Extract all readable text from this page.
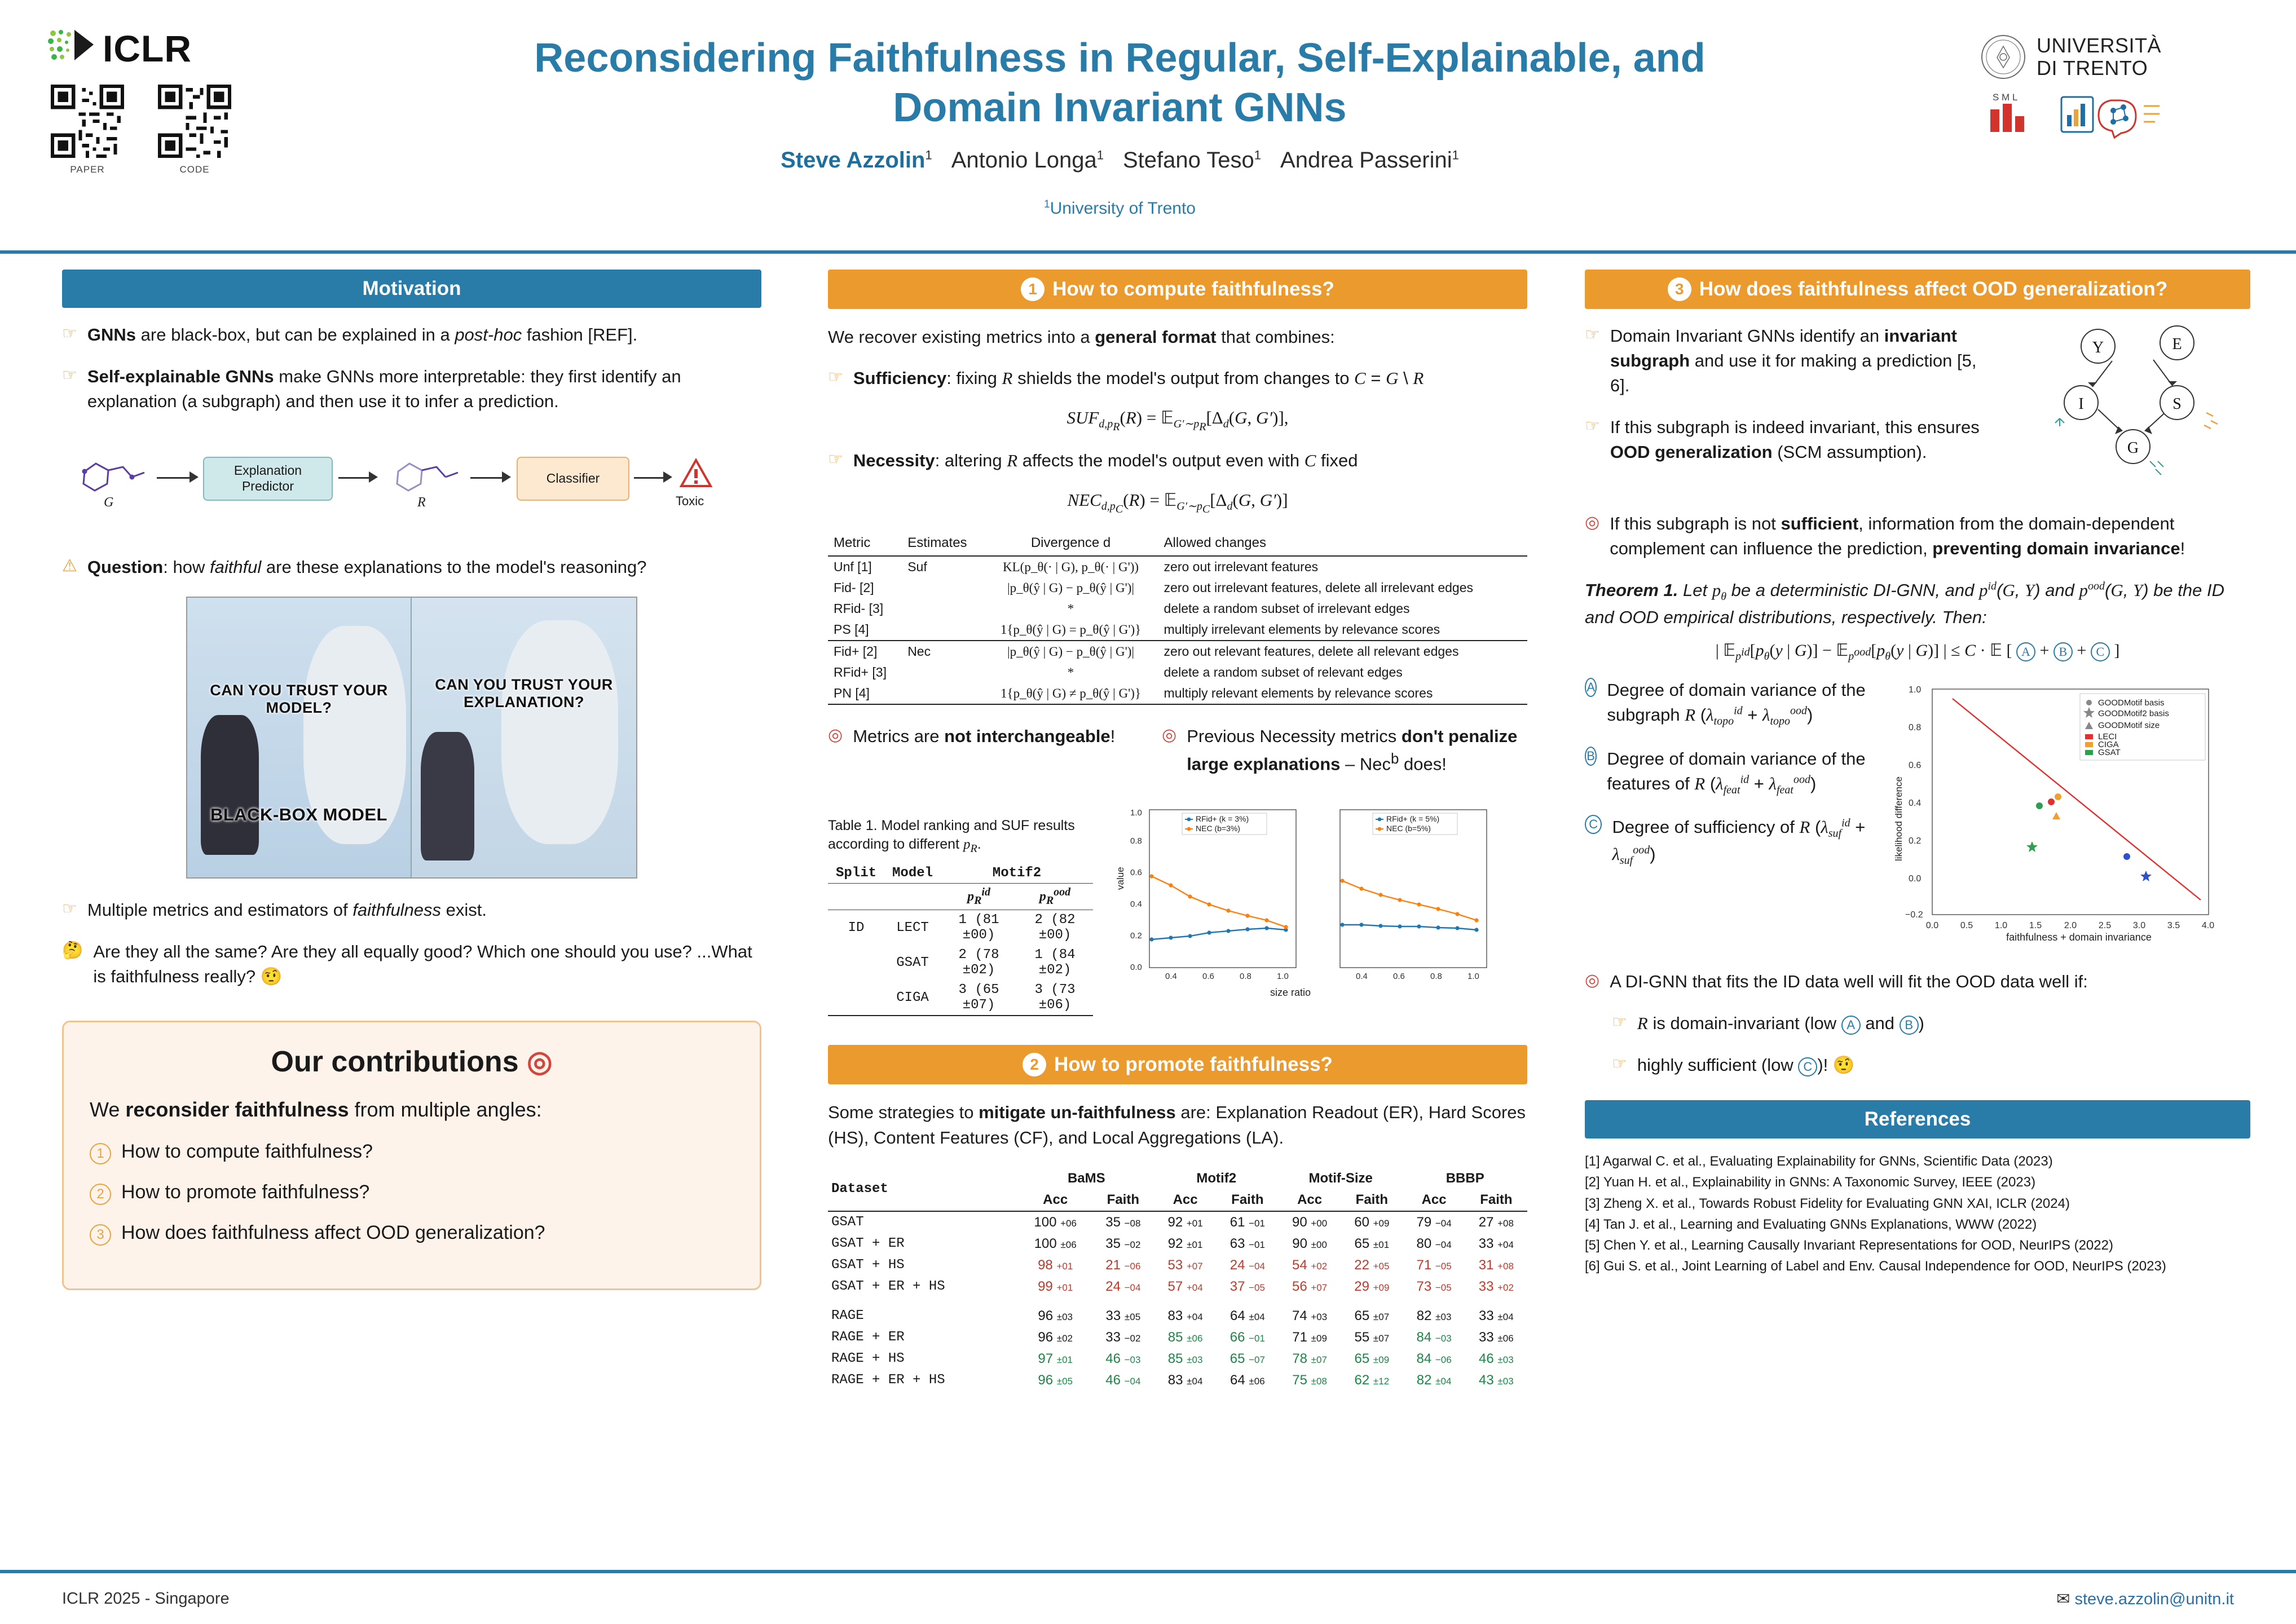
ICLR
PAPER	CODE
Reconsidering Faithfulness in Regular, Self-Explainable, and
Domain Invariant GNNs
Steve Azzolin$^1$ Antonio Longa$^1$ Stefano Teso$^1$ Andrea Passerini$^1$
$^1$University of Trento
UNIVERSITÀ
DI TRENTO
S M L
Motivation
☞ GNNs are black-box, but can be explained in a post-hoc fashion [REF].
☞ Self-explainable GNNs make GNNs more interpretable: they first identify an explanation (a subgraph) and then use it to infer a prediction.
G
Explanation
Predictor
R
Classifier
Toxic
⚠ Question: how faithful are these explanations to the model's reasoning?
CAN YOU TRUST YOUR MODEL?
BLACK-BOX MODEL
CAN YOU TRUST YOUR EXPLANATION?
☞ Multiple metrics and estimators of faithfulness exist.
🤔 Are they all the same? Are they all equally good? Which one should you use? ...What is faithfulness really? 🤨
Our contributions ◎
We reconsider faithfulness from multiple angles:
1 How to compute faithfulness?
2 How to promote faithfulness?
3 How does faithfulness affect OOD generalization?
1 How to compute faithfulness?
We recover existing metrics into a general format that combines:
☞ Sufficiency: fixing R shields the model's output from changes to C = G \ R
$SUF_{d,pR}(R)$ = $𝔼_{G'\sim pR}[\Delta_d(G$, G′)],
☞ Necessity: altering R affects the model's output even with C fixed
$NEC_{d,pC}(R)$ = $𝔼_{G'\sim pC}[\Delta_d(G$, G′)]
Metric	Estimates	Divergence d	Allowed changes
Unf [1]	Suf	KL(p_θ(· | G), p_θ(· | G'))	zero out irrelevant features
Fid- [2]		|p_θ(ŷ | G) − p_θ(ŷ | G')|	zero out irrelevant features, delete all irrelevant edges
RFid- [3]		*	delete a random subset of irrelevant edges
PS [4]		1{p_θ(ŷ | G) = p_θ(ŷ | G')}	multiply irrelevant elements by relevance scores
Fid+ [2]	Nec	|p_θ(ŷ | G) − p_θ(ŷ | G')|	zero out relevant features, delete all relevant edges
RFid+ [3]		*	delete a random subset of relevant edges
PN [4]		1{p_θ(ŷ | G) ≠ p_θ(ŷ | G')}	multiply relevant elements by relevance scores
◎ Metrics are not interchangeable!	◎ Previous Necessity metrics don't penalize large explanations – Nec$^b$ does!
Table 1. Model ranking and SUF results according to different $p_R$.
Split	Model	Motif2	
		$p_R^{id}$	$p_R^{ood}$
ID	LECT	1 (81 ±00)	2 (82 ±00)
	GSAT	2 (78 ±02)	1 (84 ±02)
	CIGA	3 (65 ±07)	3 (73 ±06)
value
0.0
0.2
0.4
0.6
0.8
1.0
0.4	0.6	0.8	1.0
RFid+ (k = 3%)
NEC (b=3%)
0.4	0.6	0.8	1.0
RFid+ (k = 5%)
NEC (b=5%)
size ratio
2 How to promote faithfulness?
Some strategies to mitigate un-faithfulness are: Explanation Readout (ER), Hard Scores (HS), Content Features (CF), and Local Aggregations (LA).
Dataset	BaMS		Motif2		Motif-Size		BBBP	
	Acc	Faith	Acc	Faith	Acc	Faith	Acc	Faith
GSAT	100 +06	35 −08	92 +01	61 −01	90 +00	60 +09	79 −04	27 +08
GSAT + ER	100 ±06	35 −02	92 ±01	63 −01	90 ±00	65 ±01	80 −04	33 +04
GSAT + HS	98 +01	21 −06	53 +07	24 −04	54 +02	22 +05	71 −05	31 +08
GSAT + ER + HS	99 +01	24 −04	57 +04	37 −05	56 +07	29 +09	73 −05	33 +02
RAGE	96 ±03	33 ±05	83 +04	64 ±04	74 +03	65 ±07	82 ±03	33 ±04
RAGE + ER	96 ±02	33 −02	85 ±06	66 −01	71 ±09	55 ±07	84 −03	33 ±06
RAGE + HS	97 ±01	46 −03	85 ±03	65 −07	78 ±07	65 ±09	84 −06	46 ±03
RAGE + ER + HS	96 ±05	46 −04	83 ±04	64 ±06	75 ±08	62 ±12	82 ±04	43 ±03
3 How does faithfulness affect OOD generalization?
☞ Domain Invariant GNNs identify an invariant subgraph and use it for making a prediction [5, 6].
☞ If this subgraph is indeed invariant, this ensures OOD generalization (SCM assumption).
Y	E
I	S
G
◎ If this subgraph is not sufficient, information from the domain-dependent complement can influence the prediction, preventing domain invariance!
Theorem 1. Let $p_\theta$ be a deterministic DI-GNN, and $p^{id}(G$, Y) and $p^{ood}(G$, Y) be the ID and OOD empirical distributions, respectively. Then:
| $𝔼_{pid}[p_\theta(y$ | $G)] - 𝔼_{pood}[p_\theta(y$ | G)] | ≤ C · 𝔼 [ A + B + C ]
A Degree of domain variance of the subgraph R $(\lambda_{topo}^{id} + \lambda_{topo}^{ood})$
B Degree of domain variance of the features of R $(\lambda_{feat}^{id} + \lambda_{feat}^{ood})$
C Degree of sufficiency of R $(\lambda_{suf}^{id} + \lambda_{suf}^{ood})$	likelihood difference
1.0
0.8
0.6
0.4
0.2
0.0
−0.2
0.0 0.5 1.0 1.5 2.0 2.5 3.0 3.5 4.0
GOODMotif basis
GOODMotif2 basis
GOODMotif size
LECI
CIGA
GSAT
faithfulness + domain invariance
◎ A DI-GNN that fits the ID data well will fit the OOD data well if:
☞ R is domain-invariant (low A and B )
☞ highly sufficient (low C )! 🤨
References
[1] Agarwal C. et al., Evaluating Explainability for GNNs, Scientific Data (2023)
[2] Yuan H. et al., Explainability in GNNs: A Taxonomic Survey, IEEE (2023)
[3] Zheng X. et al., Towards Robust Fidelity for Evaluating GNN XAI, ICLR (2024)
[4] Tan J. et al., Learning and Evaluating GNNs Explanations, WWW (2022)
[5] Chen Y. et al., Learning Causally Invariant Representations for OOD, NeurIPS (2022)
[6] Gui S. et al., Joint Learning of Label and Env. Causal Independence for OOD, NeurIPS (2023)
ICLR 2025 - Singapore	✉ steve.azzolin@unitn.it
